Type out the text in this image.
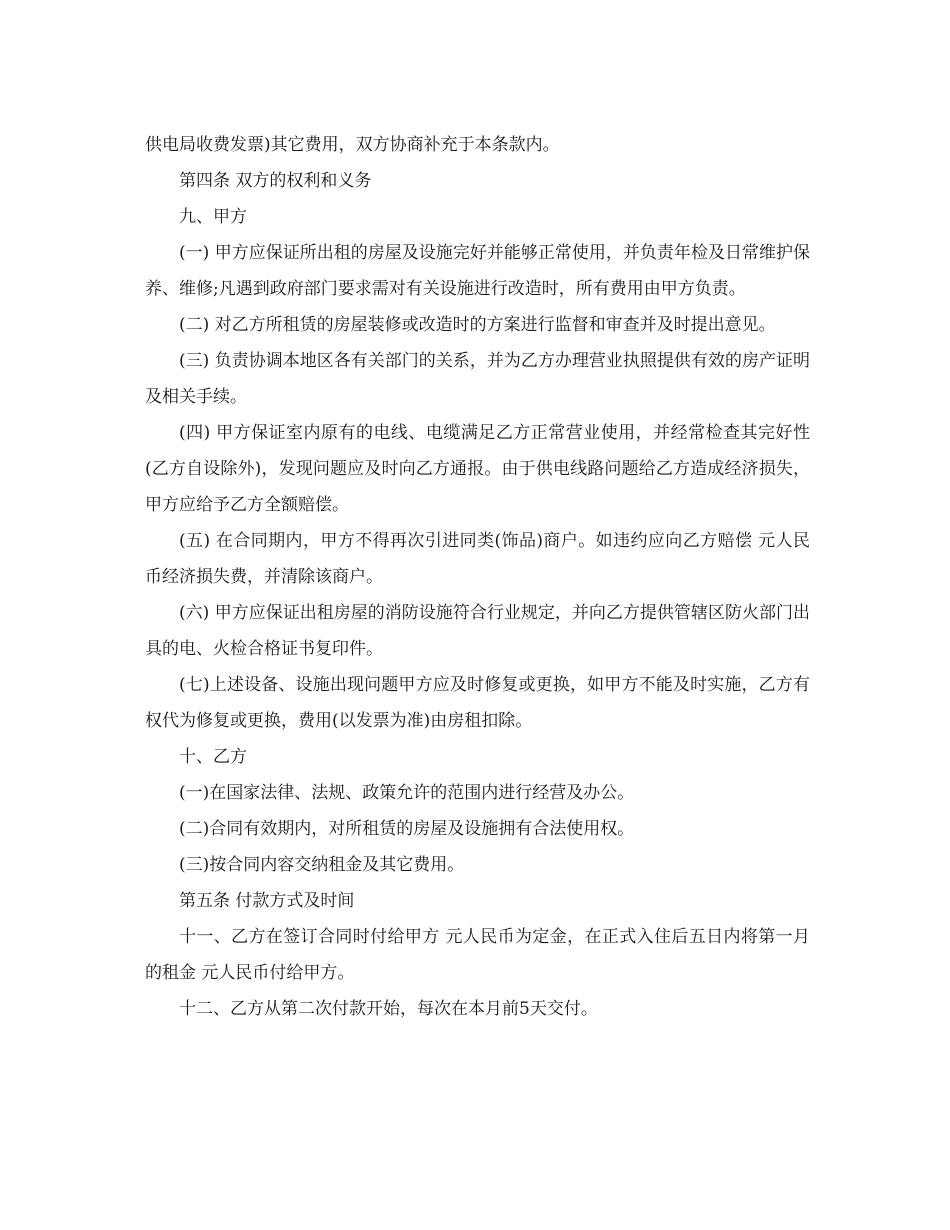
供电局收费发票)其它费用，双方协商补充于本条款内。

第四条 双方的权利和义务

九、甲方

(一) 甲方应保证所出租的房屋及设施完好并能够正常使用，并负责年检及日常维护保养、维修;凡遇到政府部门要求需对有关设施进行改造时，所有费用由甲方负责。

(二) 对乙方所租赁的房屋装修或改造时的方案进行监督和审查并及时提出意见。

(三) 负责协调本地区各有关部门的关系，并为乙方办理营业执照提供有效的房产证明及相关手续。

(四) 甲方保证室内原有的电线、电缆满足乙方正常营业使用，并经常检查其完好性(乙方自设除外)，发现问题应及时向乙方通报。由于供电线路问题给乙方造成经济损失，甲方应给予乙方全额赔偿。

(五) 在合同期内，甲方不得再次引进同类(饰品)商户。如违约应向乙方赔偿 元人民币经济损失费，并清除该商户。

(六) 甲方应保证出租房屋的消防设施符合行业规定，并向乙方提供管辖区防火部门出具的电、火检合格证书复印件。

(七)上述设备、设施出现问题甲方应及时修复或更换，如甲方不能及时实施，乙方有权代为修复或更换，费用(以发票为准)由房租扣除。

十、乙方

(一)在国家法律、法规、政策允许的范围内进行经营及办公。

(二)合同有效期内，对所租赁的房屋及设施拥有合法使用权。

(三)按合同内容交纳租金及其它费用。

第五条 付款方式及时间

十一、乙方在签订合同时付给甲方 元人民币为定金，在正式入住后五日内将第一月的租金 元人民币付给甲方。

十二、乙方从第二次付款开始，每次在本月前5天交付。
